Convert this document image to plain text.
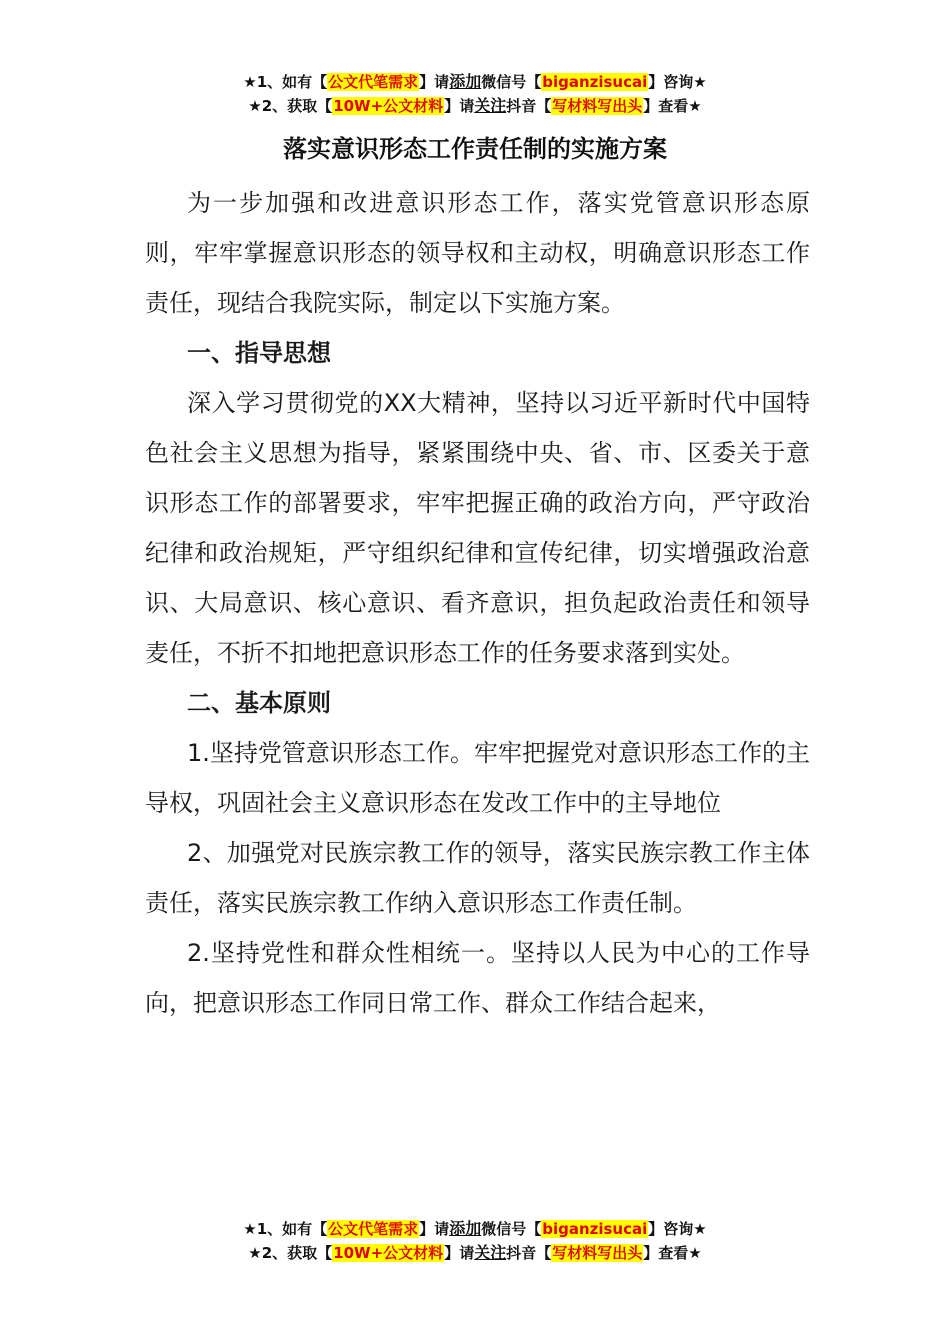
★1、如有【公文代笔需求】请添加微信号【biganzisucai】咨询★
★2、获取【10W+公文材料】请关注抖音【写材料写出头】查看★
落实意识形态工作责任制的实施方案

为一步加强和改进意识形态工作，落实党管意识形态原则，牢牢掌握意识形态的领导权和主动权，明确意识形态工作责任，现结合我院实际，制定以下实施方案。

一、指导思想

深入学习贯彻党的XX大精神，坚持以习近平新时代中国特色社会主义思想为指导，紧紧围绕中央、省、市、区委关于意识形态工作的部署要求，牢牢把握正确的政治方向，严守政治纪律和政治规矩，严守组织纪律和宣传纪律，切实增强政治意识、大局意识、核心意识、看齐意识，担负起政治责任和领导麦任，不折不扣地把意识形态工作的任务要求落到实处。

二、基本原则

1.坚持党管意识形态工作。牢牢把握党对意识形态工作的主导权，巩固社会主义意识形态在发改工作中的主导地位

2、加强党对民族宗教工作的领导，落实民族宗教工作主体责任，落实民族宗教工作纳入意识形态工作责任制。

2.坚持党性和群众性相统一。坚持以人民为中心的工作导向，把意识形态工作同日常工作、群众工作结合起来，

★1、如有【公文代笔需求】请添加微信号【biganzisucai】咨询★
★2、获取【10W+公文材料】请关注抖音【写材料写出头】查看★
